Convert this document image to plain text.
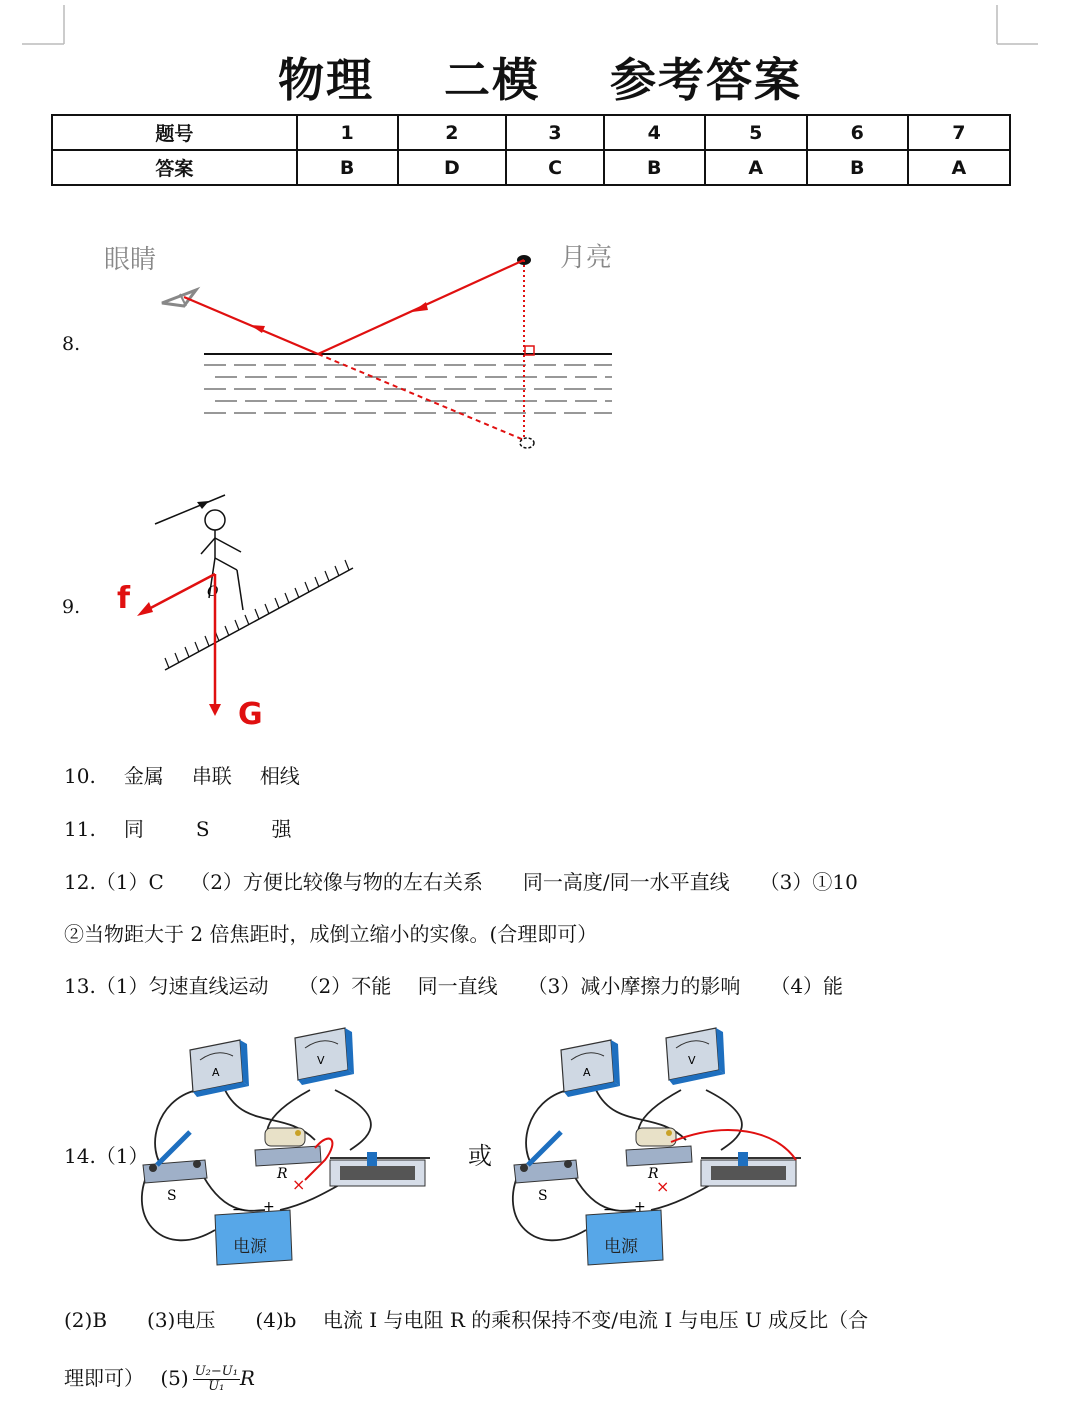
物理 二模 参考答案
题号	1	2	3	4	5	6	7
答案	B	D	C	B	A	B	A
8.
眼睛	月亮
9.
O
f
G
10. 金属 串联 相线
11. 同	S	强
12.（1）C　 （2）方便比较像与物的左右关系　　同一高度/同一水平直线　　（3）①10
②当物距大于 2 倍焦距时，成倒立缩小的实像。(合理即可）
13.（1）匀速直线运动　　（2）不能　 同一直线　　（3）减小摩擦力的影响　　（4）能
14.（1）	或
A
V
S
R
×
电源
− +
A
V
S
R
×
电源
− +
(2)B　　(3)电压　　(4)b　 电流 I 与电阻 R 的乘积保持不变/电流 I 与电压 U 成反比（合
理即可）　 $(5) \frac{\text{U₂−U₁}}{\text{U₁}}$ R
